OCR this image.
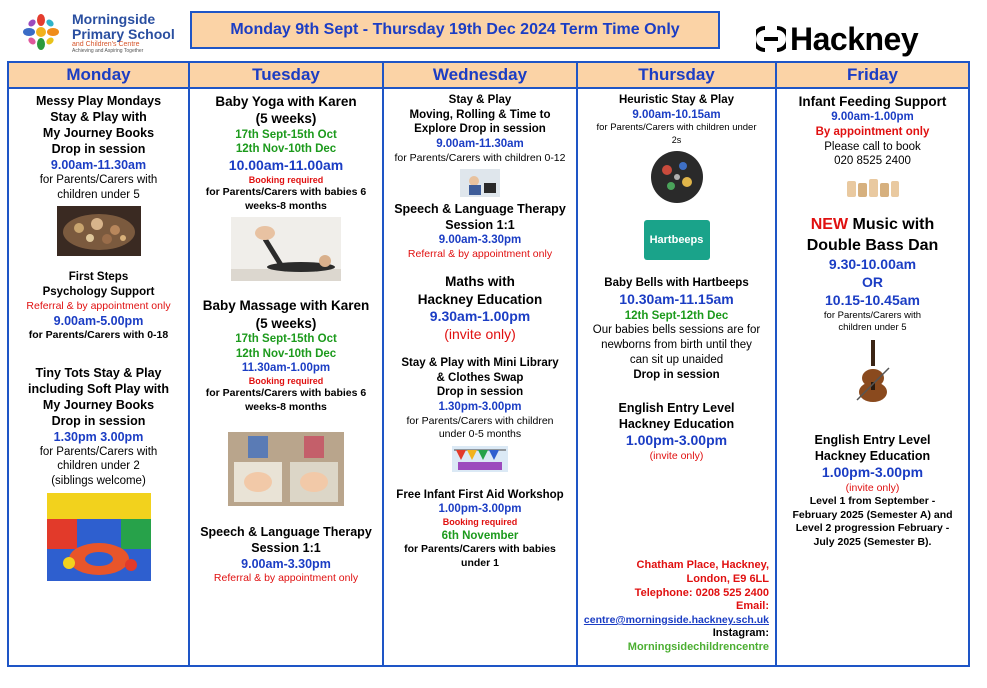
Morningside
Primary School
and Children's Centre
Achieving and Aspiring Together
Monday 9th Sept - Thursday 19th Dec 2024 Term Time Only	Hackney
Monday
Messy Play Mondays
Stay & Play with
My Journey Books
Drop in session
9.00am-11.30am
for Parents/Carers with
children under 5
First Steps
Psychology Support
Referral & by appointment only
9.00am-5.00pm
for Parents/Carers with 0-18
Tiny Tots Stay & Play
including Soft Play with
My Journey Books
Drop in session
1.30pm 3.00pm
for Parents/Carers with
children under 2
(siblings welcome)
Tuesday
Baby Yoga with Karen
(5 weeks)
17th Sept-15th Oct
12th Nov-10th Dec
10.00am-11.00am
Booking required
for Parents/Carers with babies 6
weeks-8 months
Baby Massage with Karen
(5 weeks)
17th Sept-15th Oct
12th Nov-10th Dec
11.30am-1.00pm
Booking required
for Parents/Carers with babies 6
weeks-8 months
Speech & Language Therapy
Session 1:1
9.00am-3.30pm
Referral & by appointment only
Wednesday
Stay & Play
Moving, Rolling & Time to
Explore Drop in session
9.00am-11.30am
for Parents/Carers with children 0-12
Speech & Language Therapy
Session 1:1
9.00am-3.30pm
Referral & by appointment only
Maths with
Hackney Education
9.30am-1.00pm
(invite only)
Stay & Play with Mini Library
& Clothes Swap
Drop in session
1.30pm-3.00pm
for Parents/Carers with children
under 0-5 months
Free Infant First Aid Workshop
1.00pm-3.00pm
Booking required
6th November
for Parents/Carers with babies
under 1
Thursday
Heuristic Stay & Play
9.00am-10.15am
for Parents/Carers with children under
2s
Hartbeeps
Baby Bells with Hartbeeps
10.30am-11.15am
12th Sept-12th Dec
Our babies bells sessions are for
newborns from birth until they
can sit up unaided
Drop in session
English Entry Level
Hackney Education
1.00pm-3.00pm
(invite only)
Chatham Place, Hackney,
London, E9 6LL
Telephone: 0208 525 2400
Email:
centre@morningside.hackney.sch.uk
Instagram:
Morningsidechildrencentre
Friday
Infant Feeding Support
9.00am-1.00pm
By appointment only
Please call to book
020 8525 2400
NEW Music with
Double Bass Dan
9.30-10.00am
OR
10.15-10.45am
for Parents/Carers with
children under 5
English Entry Level
Hackney Education
1.00pm-3.00pm
(invite only)
Level 1 from September -
February 2025 (Semester A) and
Level 2 progression February -
July 2025 (Semester B).
